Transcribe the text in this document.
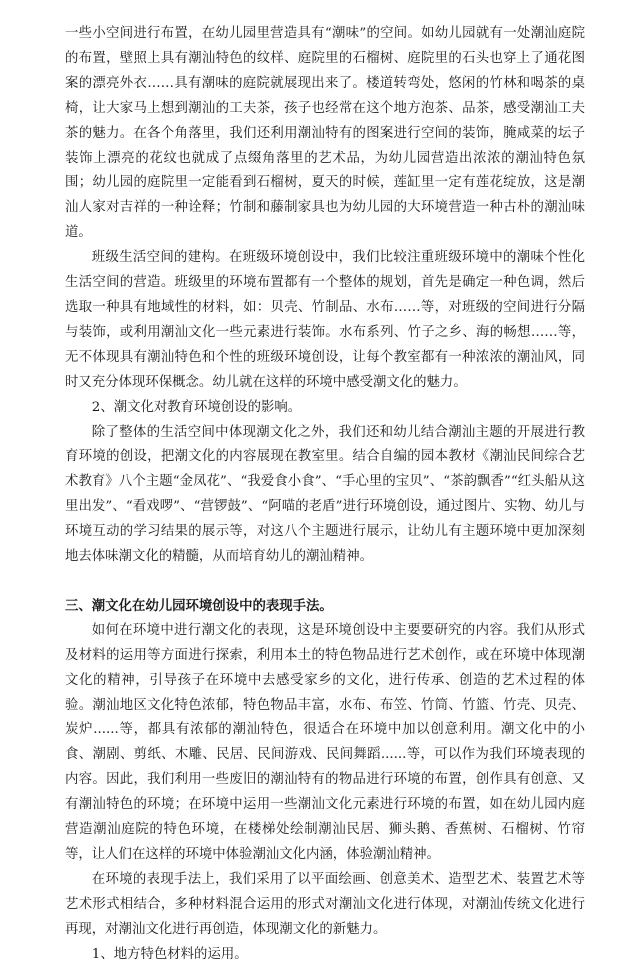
一些小空间进行布置，在幼儿园里营造具有“潮味”的空间。如幼儿园就有一处潮汕庭院的布置，壁照上具有潮汕特色的纹样、庭院里的石榴树、庭院里的石头也穿上了通花图案的漂亮外衣……具有潮味的庭院就展现出来了。楼道转弯处，悠闲的竹林和喝茶的桌椅，让大家马上想到潮汕的工夫茶，孩子也经常在这个地方泡茶、品茶，感受潮汕工夫茶的魅力。在各个角落里，我们还利用潮汕特有的图案进行空间的装饰，腌咸菜的坛子装饰上漂亮的花纹也就成了点缀角落里的艺术品，为幼儿园营造出浓浓的潮汕特色氛围；幼儿园的庭院里一定能看到石榴树，夏天的时候，莲缸里一定有莲花绽放，这是潮汕人家对吉祥的一种诠释；竹制和藤制家具也为幼儿园的大环境营造一种古朴的潮汕味道。

班级生活空间的建构。在班级环境创设中，我们比较注重班级环境中的潮味个性化生活空间的营造。班级里的环境布置都有一个整体的规划，首先是确定一种色调，然后选取一种具有地域性的材料，如：贝壳、竹制品、水布……等，对班级的空间进行分隔与装饰，或利用潮汕文化一些元素进行装饰。水布系列、竹子之乡、海的畅想……等，无不体现具有潮汕特色和个性的班级环境创设，让每个教室都有一种浓浓的潮汕风，同时又充分体现环保概念。幼儿就在这样的环境中感受潮文化的魅力。

2、潮文化对教育环境创设的影响。

除了整体的生活空间中体现潮文化之外，我们还和幼儿结合潮汕主题的开展进行教育环境的创设，把潮文化的内容展现在教室里。结合自编的园本教材《潮汕民间综合艺术教育》八个主题“金凤花”、“我爱食小食”、“手心里的宝贝”、“茶韵飘香”“红头船从这里出发”、“看戏啰”、“营锣鼓”、“阿喵的老盾”进行环境创设，通过图片、实物、幼儿与环境互动的学习结果的展示等，对这八个主题进行展示，让幼儿有主题环境中更加深刻地去体味潮文化的精髓，从而培育幼儿的潮汕精神。

三、潮文化在幼儿园环境创设中的表现手法。

如何在环境中进行潮文化的表现，这是环境创设中主要要研究的内容。我们从形式及材料的运用等方面进行探索，利用本土的特色物品进行艺术创作，或在环境中体现潮文化的精神，引导孩子在环境中去感受家乡的文化，进行传承、创造的艺术过程的体验。潮汕地区文化特色浓郁，特色物品丰富，水布、布笠、竹筒、竹篮、竹壳、贝壳、炭炉......等，都具有浓郁的潮汕特色，很适合在环境中加以创意利用。潮文化中的小食、潮剧、剪纸、木雕、民居、民间游戏、民间舞蹈......等，可以作为我们环境表现的内容。因此，我们利用一些废旧的潮汕特有的物品进行环境的布置，创作具有创意、又有潮汕特色的环境；在环境中运用一些潮汕文化元素进行环境的布置，如在幼儿园内庭营造潮汕庭院的特色环境，在楼梯处绘制潮汕民居、狮头鹅、香蕉树、石榴树、竹帘等，让人们在这样的环境中体验潮汕文化内涵，体验潮汕精神。

在环境的表现手法上，我们采用了以平面绘画、创意美术、造型艺术、装置艺术等艺术形式相结合，多种材料混合运用的形式对潮汕文化进行体现，对潮汕传统文化进行再现，对潮汕文化进行再创造，体现潮文化的新魅力。

1、地方特色材料的运用。
